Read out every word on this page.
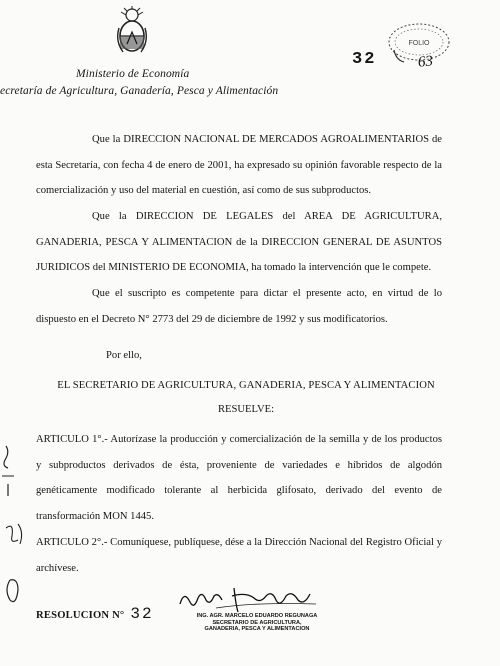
Ministerio de Economía
ecretaría de Agricultura, Ganadería, Pesca y Alimentación
32
FOLIO
63

Que la DIRECCION NACIONAL DE MERCADOS AGROALIMENTARIOS de esta Secretaría, con fecha 4 de enero de 2001, ha expresado su opinión favorable respecto de la comercialización y uso del material en cuestión, así como de sus subproductos.

Que la DIRECCION DE LEGALES del AREA DE AGRICULTURA, GANADERIA, PESCA Y ALIMENTACION de la DIRECCION GENERAL DE ASUNTOS JURIDICOS del MINISTERIO DE ECONOMIA, ha tomado la intervención que le compete.

Que el suscripto es competente para dictar el presente acto, en virtud de lo dispuesto en el Decreto N° 2773 del 29 de diciembre de 1992 y sus modificatorios.

Por ello,
EL SECRETARIO DE AGRICULTURA, GANADERIA, PESCA Y ALIMENTACION
RESUELVE:

ARTICULO 1°.- Autorízase la producción y comercialización de la semilla y de los productos y subproductos derivados de ésta, proveniente de variedades e híbridos de algodón genéticamente modificado tolerante al herbicida glifosato, derivado del evento de transformación MON 1445.

ARTICULO 2°.- Comuníquese, publíquese, dése a la Dirección Nacional del Registro Oficial y archívese.

RESOLUCION N° 32	ING. AGR. MARCELO EDUARDO REGUNAGA
SECRETARIO DE AGRICULTURA,
GANADERIA, PESCA Y ALIMENTACION
